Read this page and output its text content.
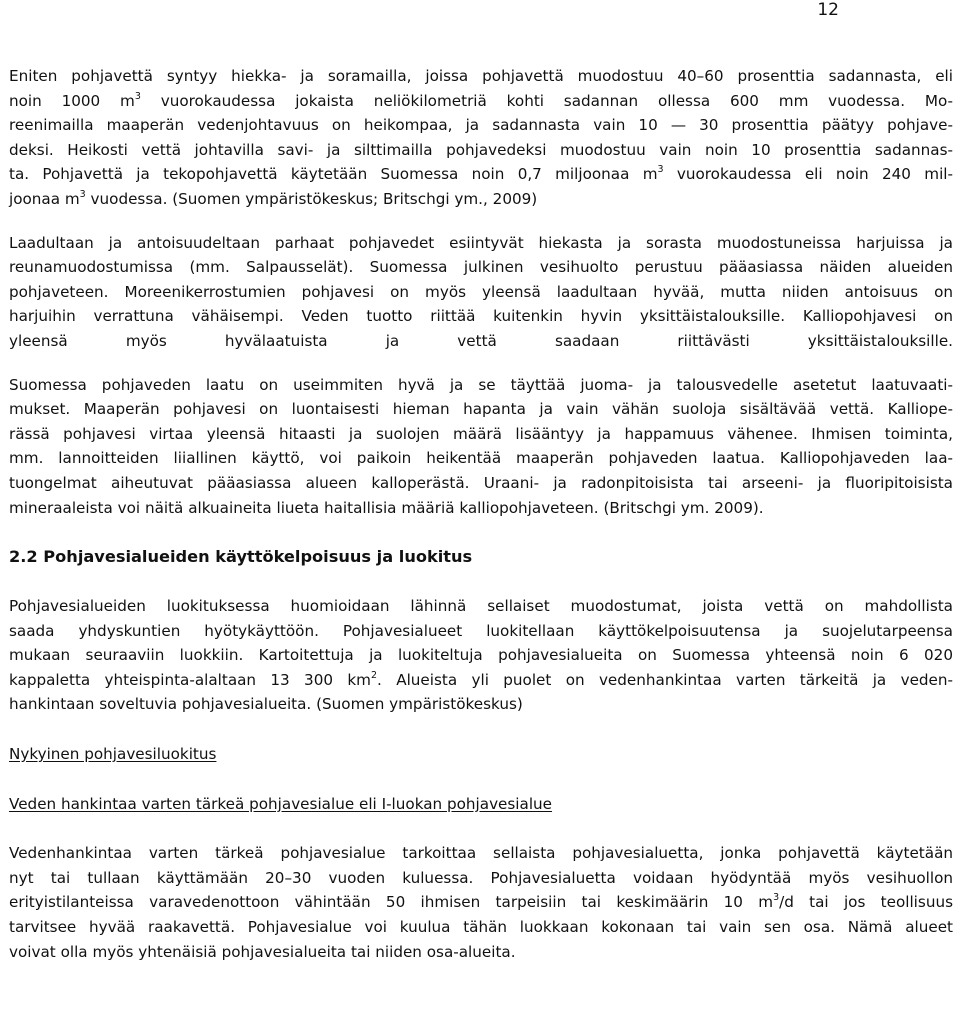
12
Eniten pohjavettä syntyy hiekka- ja soramailla, joissa pohjavettä muodostuu 40–60 prosenttia sadannasta, eli
noin 1000 $m^3$ vuorokaudessa jokaista neliökilometriä kohti sadannan ollessa 600 mm vuodessa. Mo-
reenimailla maaperän vedenjohtavuus on heikompaa, ja sadannasta vain 10 — 30 prosenttia päätyy pohjave-
deksi. Heikosti vettä johtavilla savi- ja silttimailla pohjavedeksi muodostuu vain noin 10 prosenttia sadannas-
ta. Pohjavettä ja tekopohjavettä käytetään Suomessa noin 0,7 miljoonaa $m^3$ vuorokaudessa eli noin 240 mil-
joonaa $m^3$ vuodessa. (Suomen ympäristökeskus; Britschgi ym., 2009)
Laadultaan ja antoisuudeltaan parhaat pohjavedet esiintyvät hiekasta ja sorasta muodostuneissa harjuissa ja
reunamuodostumissa (mm. Salpausselät). Suomessa julkinen vesihuolto perustuu pääasiassa näiden alueiden
pohjaveteen. Moreenikerrostumien pohjavesi on myös yleensä laadultaan hyvää, mutta niiden antoisuus on
harjuihin verrattuna vähäisempi. Veden tuotto riittää kuitenkin hyvin yksittäistalouksille. Kalliopohjavesi on
yleensä myös hyvälaatuista ja vettä saadaan riittävästi yksittäistalouksille.
Suomessa pohjaveden laatu on useimmiten hyvä ja se täyttää juoma- ja talousvedelle asetetut laatuvaati-
mukset. Maaperän pohjavesi on luontaisesti hieman hapanta ja vain vähän suoloja sisältävää vettä. Kalliope-
rässä pohjavesi virtaa yleensä hitaasti ja suolojen määrä lisääntyy ja happamuus vähenee. Ihmisen toiminta,
mm. lannoitteiden liiallinen käyttö, voi paikoin heikentää maaperän pohjaveden laatua. Kalliopohjaveden laa-
tuongelmat aiheutuvat pääasiassa alueen kalloperästä. Uraani- ja radonpitoisista tai arseeni- ja fluoripitoisista
mineraaleista voi näitä alkuaineita liueta haitallisia määriä kalliopohjaveteen. (Britschgi ym. 2009).
2.2 Pohjavesialueiden käyttökelpoisuus ja luokitus
Pohjavesialueiden luokituksessa huomioidaan lähinnä sellaiset muodostumat, joista vettä on mahdollista
saada yhdyskuntien hyötykäyttöön. Pohjavesialueet luokitellaan käyttökelpoisuutensa ja suojelutarpeensa
mukaan seuraaviin luokkiin. Kartoitettuja ja luokiteltuja pohjavesialueita on Suomessa yhteensä noin 6 020
kappaletta yhteispinta-alaltaan 13 300 $km^2$. Alueista yli puolet on vedenhankintaa varten tärkeitä ja veden-
hankintaan soveltuvia pohjavesialueita. (Suomen ympäristökeskus)
Nykyinen pohjavesiluokitus
Veden hankintaa varten tärkeä pohjavesialue eli I-luokan pohjavesialue
Vedenhankintaa varten tärkeä pohjavesialue tarkoittaa sellaista pohjavesialuetta, jonka pohjavettä käytetään
nyt tai tullaan käyttämään 20–30 vuoden kuluessa. Pohjavesialuetta voidaan hyödyntää myös vesihuollon
erityistilanteissa varavedenottoon vähintään 50 ihmisen tarpeisiin tai keskimäärin 10 $m^3/d$ tai jos teollisuus
tarvitsee hyvää raakavettä. Pohjavesialue voi kuulua tähän luokkaan kokonaan tai vain sen osa. Nämä alueet
voivat olla myös yhtenäisiä pohjavesialueita tai niiden osa-alueita.
